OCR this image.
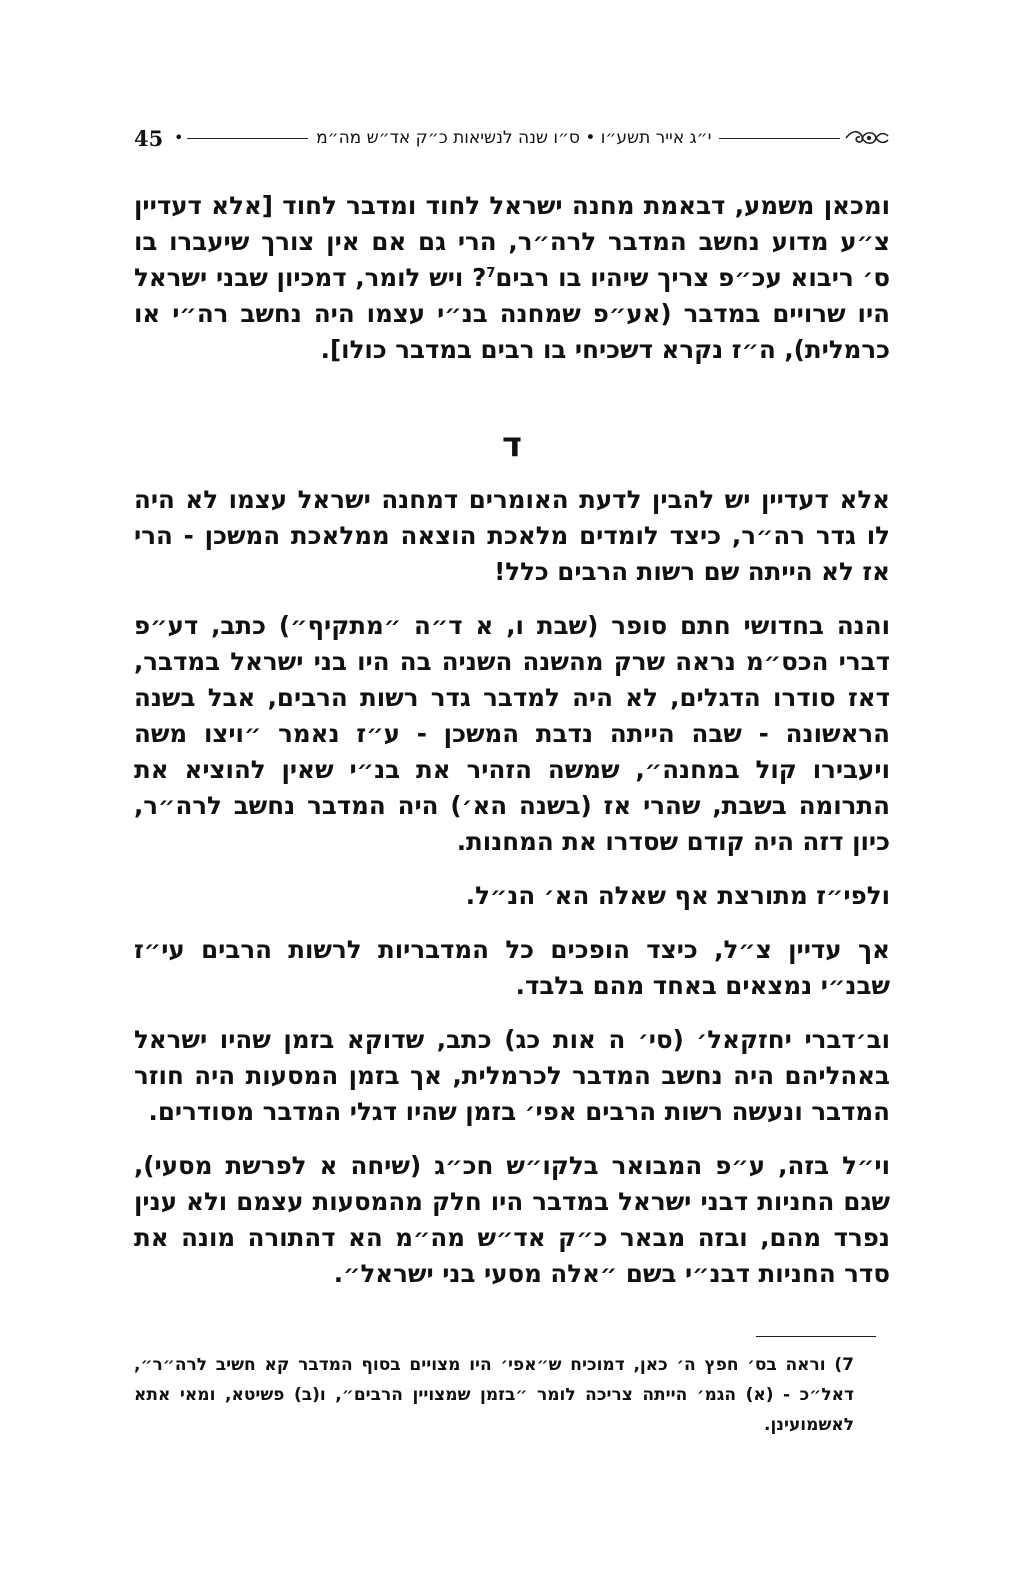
45 •	י״ג אייר תשע״ו • ס״ו שנה לנשיאות כ״ק אד״ש מה״מ

ומכאן משמע, דבאמת מחנה ישראל לחוד ומדבר לחוד [אלא דעדיין צ״ע מדוע נחשב המדבר לרה״ר, הרי גם אם אין צורך שיעברו בו ס׳ ריבוא עכ״פ צריך שיהיו בו רבים$^7$? ויש לומר, דמכיון שבני ישראל היו שרויים במדבר (אע״פ שמחנה בנ״י עצמו היה נחשב רה״י או כרמלית), ה״ז נקרא דשכיחי בו רבים במדבר כולו].

ד

אלא דעדיין יש להבין לדעת האומרים דמחנה ישראל עצמו לא היה לו גדר רה״ר, כיצד לומדים מלאכת הוצאה ממלאכת המשכן - הרי אז לא הייתה שם רשות הרבים כלל!

והנה בחדושי חתם סופר (שבת ו, א ד״ה ״מתקיף״) כתב, דע״פ דברי הכס״מ נראה שרק מהשנה השניה בה היו בני ישראל במדבר, דאז סודרו הדגלים, לא היה למדבר גדר רשות הרבים, אבל בשנה הראשונה - שבה הייתה נדבת המשכן - ע״ז נאמר ״ויצו משה ויעבירו קול במחנה״, שמשה הזהיר את בנ״י שאין להוציא את התרומה בשבת, שהרי אז (בשנה הא׳) היה המדבר נחשב לרה״ר, כיון דזה היה קודם שסדרו את המחנות.

ולפי״ז מתורצת אף שאלה הא׳ הנ״ל.

אך עדיין צ״ל, כיצד הופכים כל המדבריות לרשות הרבים עי״ז שבנ״י נמצאים באחד מהם בלבד.

וב׳דברי יחזקאל׳ (סי׳ ה אות כג) כתב, שדוקא בזמן שהיו ישראל באהליהם היה נחשב המדבר לכרמלית, אך בזמן המסעות היה חוזר המדבר ונעשה רשות הרבים אפי׳ בזמן שהיו דגלי המדבר מסודרים.

וי״ל בזה, ע״פ המבואר בלקו״ש חכ״ג (שיחה א לפרשת מסעי), שגם החניות דבני ישראל במדבר היו חלק מהמסעות עצמם ולא ענין נפרד מהם, ובזה מבאר כ״ק אד״ש מה״מ הא דהתורה מונה את סדר החניות דבנ״י בשם ״אלה מסעי בני ישראל״.

7) וראה בס׳ חפץ ה׳ כאן, דמוכיח ש״אפי׳ היו מצויים בסוף המדבר קא חשיב לרה״ר״, דאל״כ - (א) הגמ׳ הייתה צריכה לומר ״בזמן שמצויין הרבים״, ו(ב) פשיטא, ומאי אתא לאשמועינן.
